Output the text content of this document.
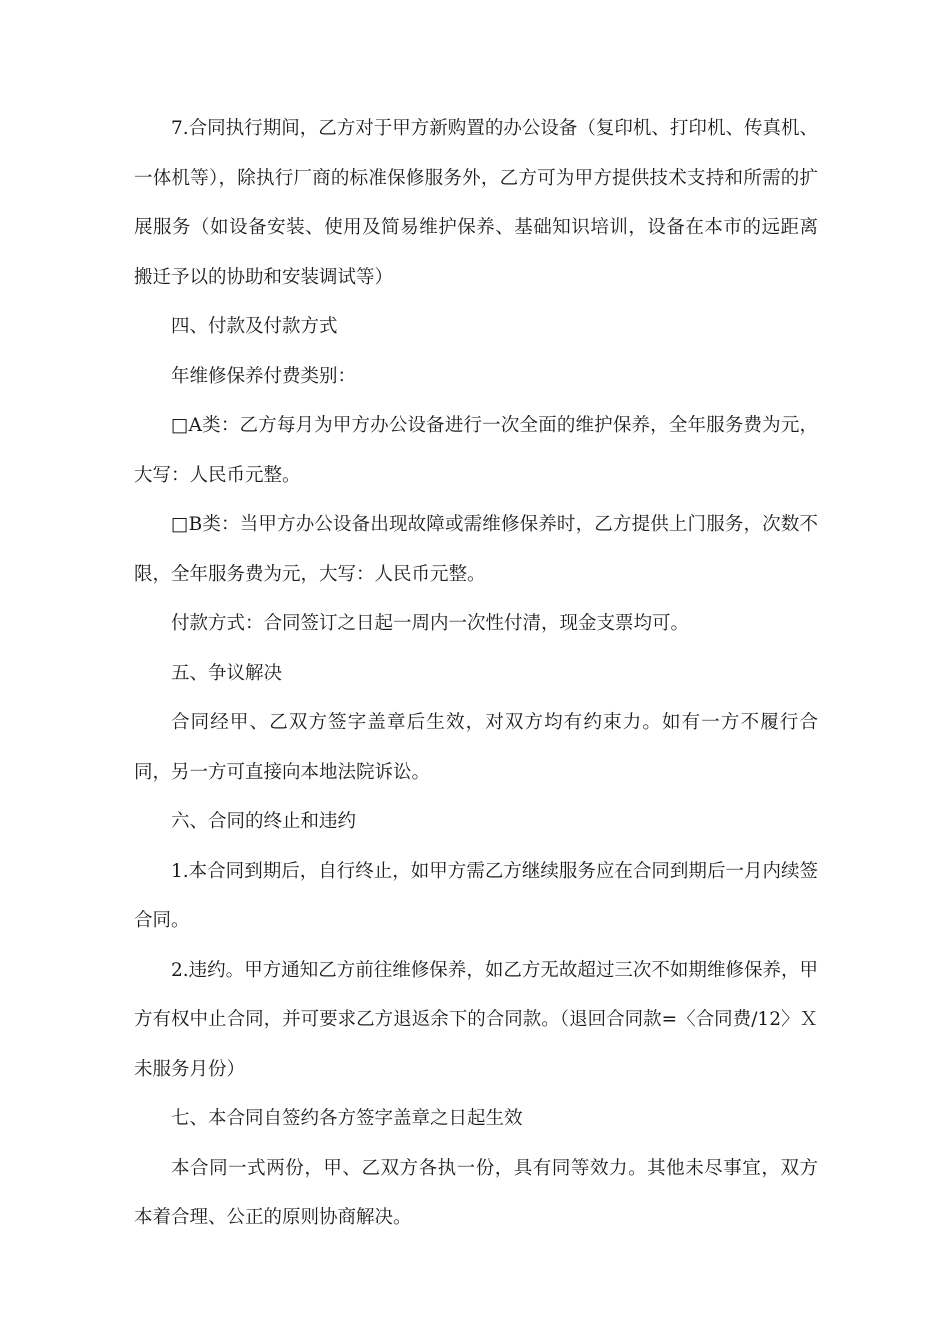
7.合同执行期间，乙方对于甲方新购置的办公设备（复印机、打印机、传真机、一体机等），除执行厂商的标准保修服务外，乙方可为甲方提供技术支持和所需的扩展服务（如设备安装、使用及简易维护保养、基础知识培训，设备在本市的远距离搬迁予以的协助和安装调试等）

四、付款及付款方式

年维修保养付费类别：

□A类：乙方每月为甲方办公设备进行一次全面的维护保养，全年服务费为元，大写：人民币元整。

□B类：当甲方办公设备出现故障或需维修保养时，乙方提供上门服务，次数不限，全年服务费为元，大写：人民币元整。

付款方式：合同签订之日起一周内一次性付清，现金支票均可。

五、争议解决

合同经甲、乙双方签字盖章后生效，对双方均有约束力。如有一方不履行合同，另一方可直接向本地法院诉讼。

六、合同的终止和违约

1.本合同到期后，自行终止，如甲方需乙方继续服务应在合同到期后一月内续签合同。

2.违约。甲方通知乙方前往维修保养，如乙方无故超过三次不如期维修保养，甲方有权中止合同，并可要求乙方退返余下的合同款。（退回合同款=〈合同费/12〉Ｘ未服务月份）

七、本合同自签约各方签字盖章之日起生效

本合同一式两份，甲、乙双方各执一份，具有同等效力。其他未尽事宜，双方本着合理、公正的原则协商解决。
